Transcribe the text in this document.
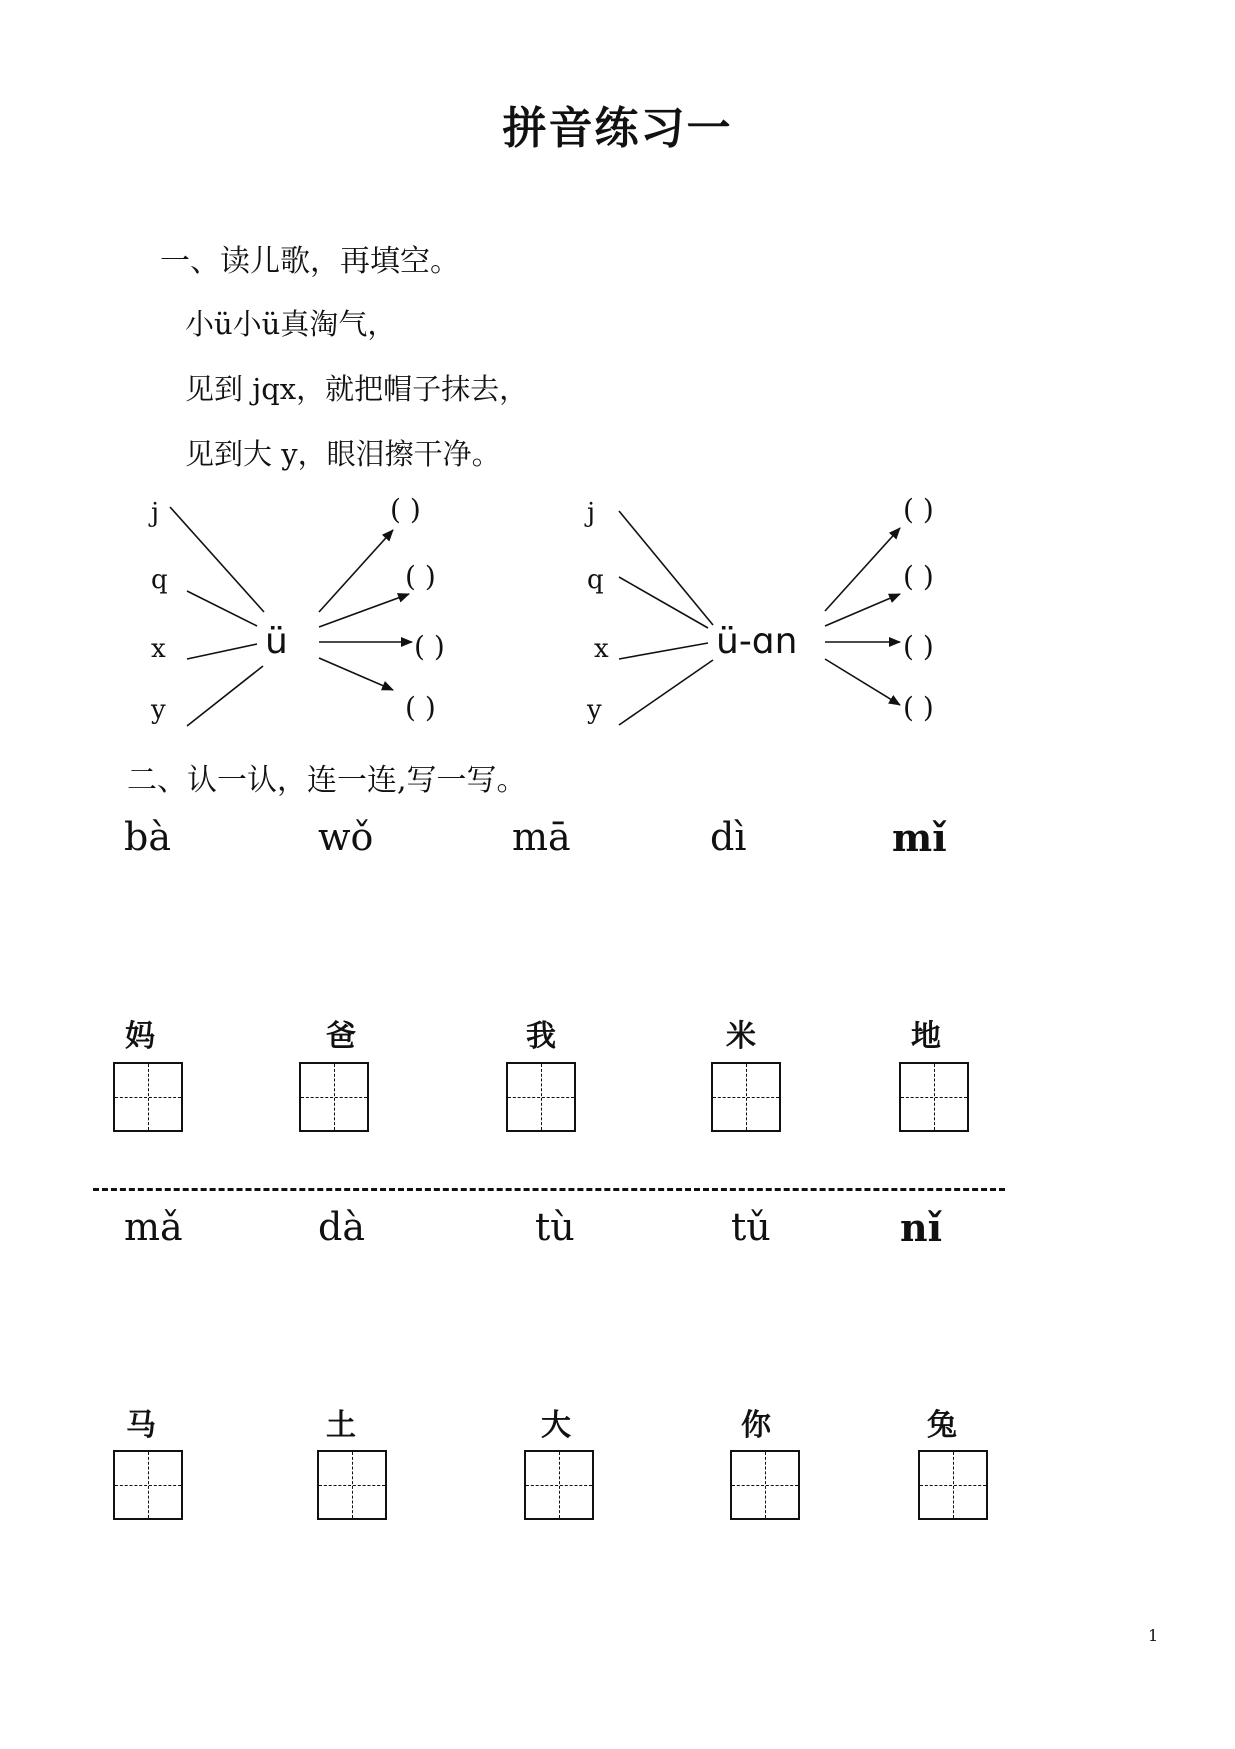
拼音练习一
一、读儿歌，再填空。
小ü小ü真淘气，
见到 jqx，就把帽子抹去，
见到大 y，眼泪擦干净。
j
q
x
y
ü
( )
( )
( )
( )
j
q
x
y
ü-ɑn
( )
( )
( )
( )
二、认一认，连一连,写一写。
bà	wǒ	mā	dì	mǐ
妈	爸	我	米	地
mǎ	dà	tù	tǔ	nǐ
马	土	大	你	兔
1
